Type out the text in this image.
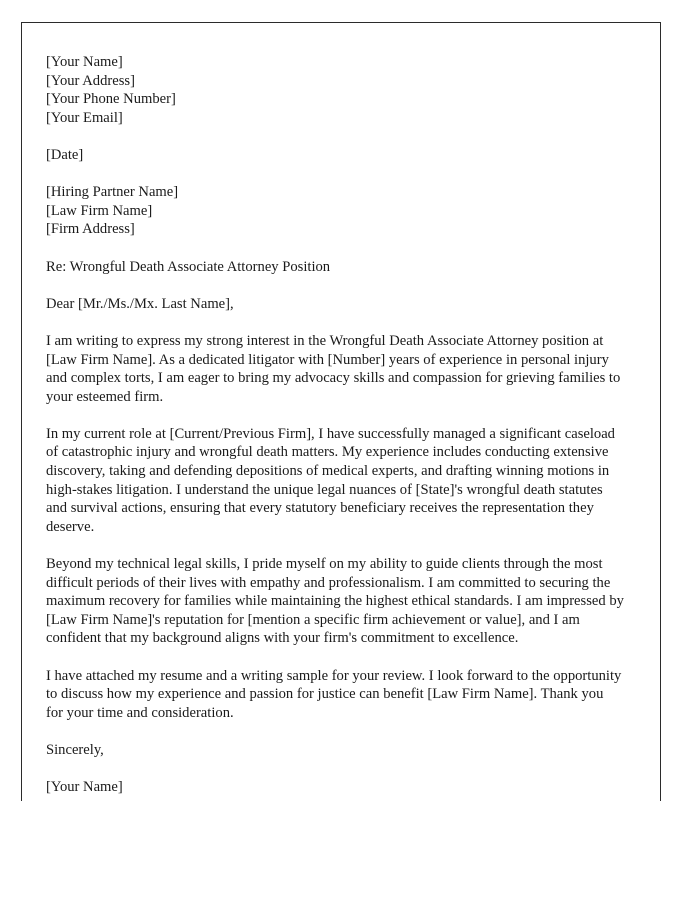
[Your Name]
[Your Address]
[Your Phone Number]
[Your Email]
[Date]
[Hiring Partner Name]
[Law Firm Name]
[Firm Address]
Re: Wrongful Death Associate Attorney Position
Dear [Mr./Ms./Mx. Last Name],

I am writing to express my strong interest in the Wrongful Death Associate Attorney position at [Law Firm Name]. As a dedicated litigator with [Number] years of experience in personal injury and complex torts, I am eager to bring my advocacy skills and compassion for grieving families to your esteemed firm.

In my current role at [Current/Previous Firm], I have successfully managed a significant caseload of catastrophic injury and wrongful death matters. My experience includes conducting extensive discovery, taking and defending depositions of medical experts, and drafting winning motions in high-stakes litigation. I understand the unique legal nuances of [State]'s wrongful death statutes and survival actions, ensuring that every statutory beneficiary receives the representation they deserve.

Beyond my technical legal skills, I pride myself on my ability to guide clients through the most difficult periods of their lives with empathy and professionalism. I am committed to securing the maximum recovery for families while maintaining the highest ethical standards. I am impressed by [Law Firm Name]'s reputation for [mention a specific firm achievement or value], and I am confident that my background aligns with your firm's commitment to excellence.

I have attached my resume and a writing sample for your review. I look forward to the opportunity to discuss how my experience and passion for justice can benefit [Law Firm Name]. Thank you for your time and consideration.

Sincerely,
[Your Name]
